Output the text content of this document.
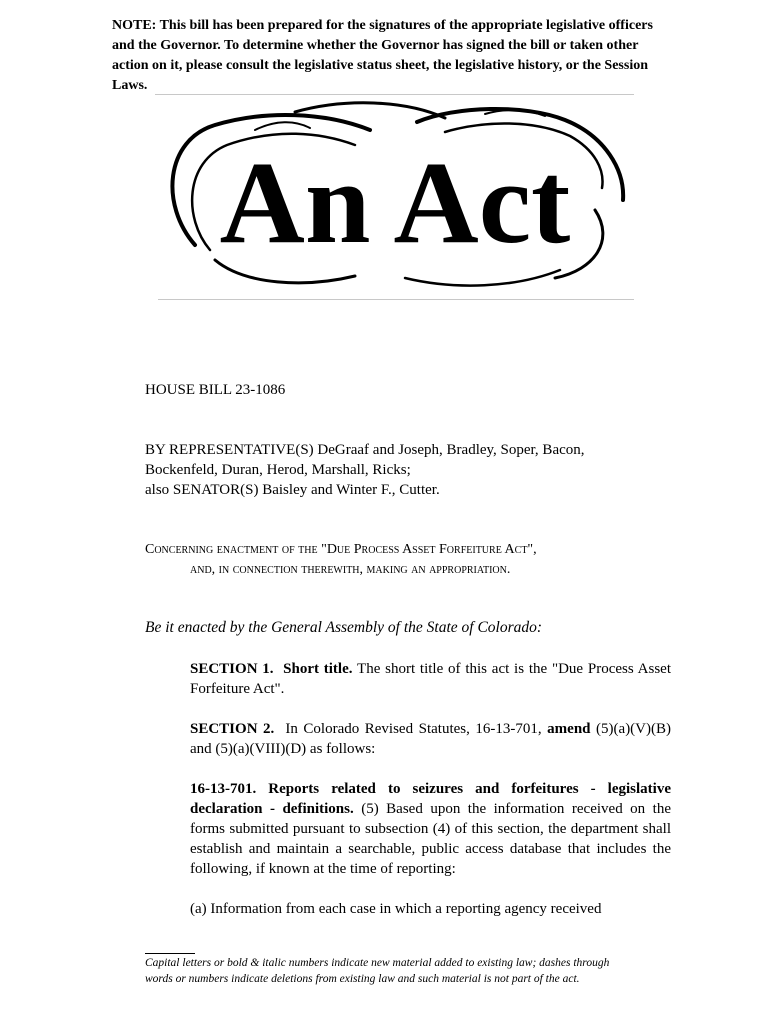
NOTE: This bill has been prepared for the signatures of the appropriate legislative officers and the Governor. To determine whether the Governor has signed the bill or taken other action on it, please consult the legislative status sheet, the legislative history, or the Session Laws.

An Act
HOUSE BILL 23-1086
BY REPRESENTATIVE(S) DeGraaf and Joseph, Bradley, Soper, Bacon,
Bockenfeld, Duran, Herod, Marshall, Ricks;
also SENATOR(S) Baisley and Winter F., Cutter.
Concerning enactment of the "Due Process Asset Forfeiture Act",
and, in connection therewith, making an appropriation.
Be it enacted by the General Assembly of the State of Colorado:

SECTION 1. Short title. The short title of this act is the "Due Process Asset Forfeiture Act".

SECTION 2. In Colorado Revised Statutes, 16-13-701, amend (5)(a)(V)(B) and (5)(a)(VIII)(D) as follows:

16-13-701. Reports related to seizures and forfeitures - legislative declaration - definitions. (5) Based upon the information received on the forms submitted pursuant to subsection (4) of this section, the department shall establish and maintain a searchable, public access database that includes the following, if known at the time of reporting:

(a) Information from each case in which a reporting agency received

Capital letters or bold & italic numbers indicate new material added to existing law; dashes through words or numbers indicate deletions from existing law and such material is not part of the act.
